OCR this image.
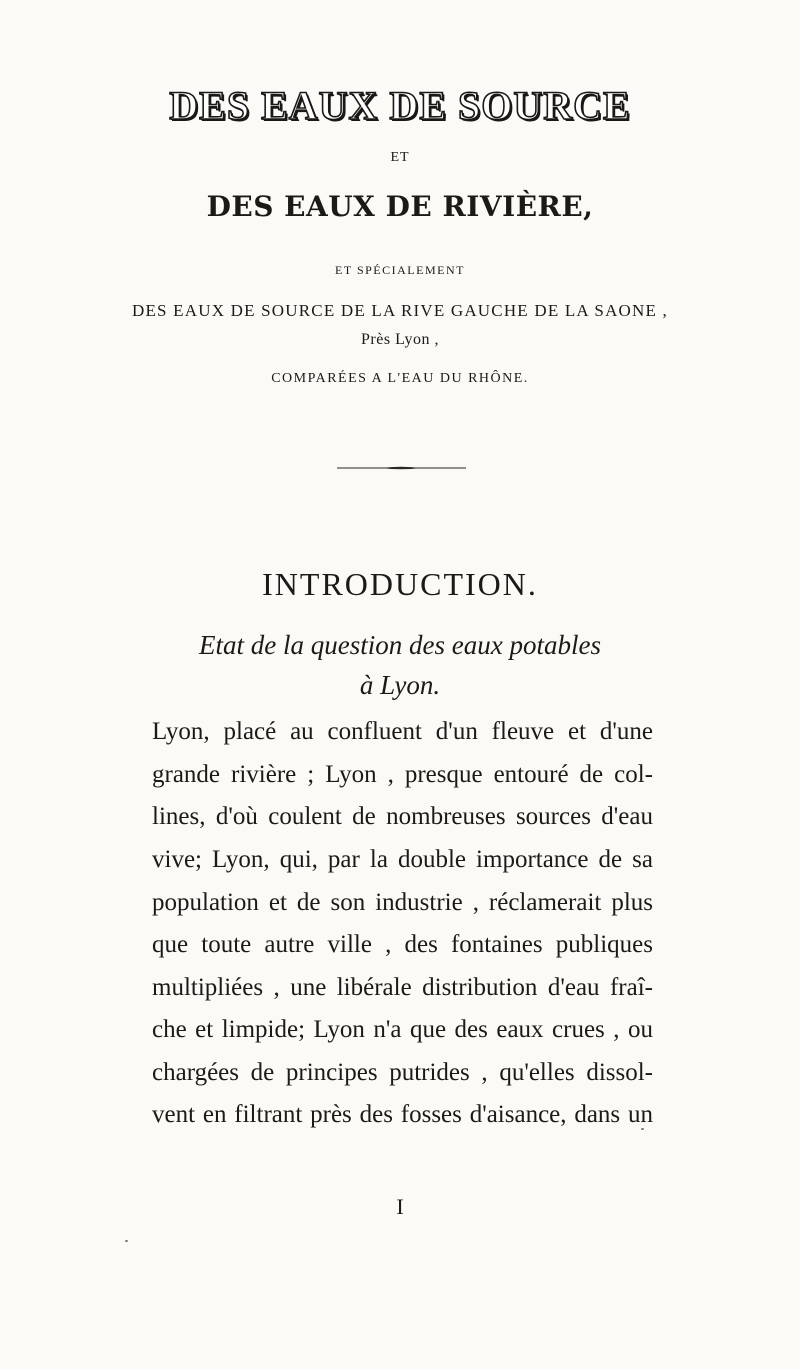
DES EAUX DE SOURCE
ET
DES EAUX DE RIVIÈRE,
ET SPÉCIALEMENT
DES EAUX DE SOURCE DE LA RIVE GAUCHE DE LA SAONE ,
Près Lyon ,
COMPARÉES A L'EAU DU RHÔNE.
INTRODUCTION.
Etat de la question des eaux potables
à Lyon.
Lyon, placé au confluent d'un fleuve et d'une
grande rivière ; Lyon , presque entouré de col-
lines, d'où coulent de nombreuses sources d'eau
vive; Lyon, qui, par la double importance de sa
population et de son industrie , réclamerait plus
que toute autre ville , des fontaines publiques
multipliées , une libérale distribution d'eau fraî-
che et limpide; Lyon n'a que des eaux crues , ou
chargées de principes putrides , qu'elles dissol-
vent en filtrant près des fosses d'aisance, dans un
I
